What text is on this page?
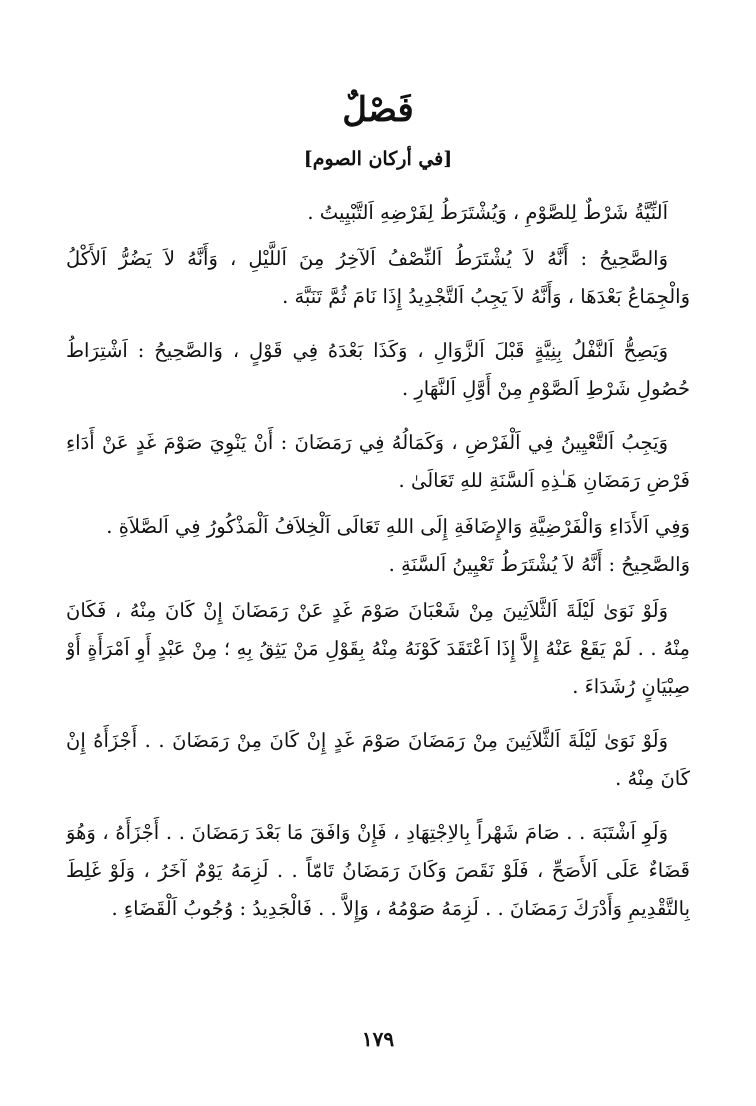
فَصْلٌ
[في أركان الصوم]
اَلنِّيَّةُ شَرْطٌ لِلصَّوْمِ ، وَيُشْتَرَطُ لِفَرْضِهِ اَلتَّبْيِيتُ .
وَالصَّحِيحُ : أَنَّهُ لاَ يُشْتَرَطُ اَلنِّصْفُ اَلآخِرُ مِنَ اَللَّيْلِ ، وَأَنَّهُ لاَ يَضُرُّ اَلأَكْلُ
وَالْجِمَاعُ بَعْدَهَا ، وَأَنَّهُ لاَ يَجِبُ اَلتَّجْدِيدُ إِذَا نَامَ ثُمَّ تَنَبَّهَ .
وَيَصِحُّ اَلنَّفْلُ بِنِيَّةٍ قَبْلَ اَلزَّوَالِ ، وَكَذَا بَعْدَهُ فِي قَوْلٍ ، وَالصَّحِيحُ : اَشْتِرَاطُ
حُصُولِ شَرْطِ اَلصَّوْمِ مِنْ أَوَّلِ اَلنَّهَارِ .
وَيَجِبُ اَلتَّعْيِينُ فِي اَلْفَرْضِ ، وَكَمَالُهُ فِي رَمَضَانَ : أَنْ يَنْوِيَ صَوْمَ غَدٍ عَنْ أَدَاءِ
فَرْضِ رَمَضَانِ هَـٰذِهِ اَلسَّنَةِ للهِ تَعَالَىٰ .
وَفِي اَلأَدَاءِ وَالْفَرْضِيَّةِ وَالإِضَافَةِ إِلَى اللهِ تَعَالَى اَلْخِلاَفُ اَلْمَذْكُورُ فِي اَلصَّلاَةِ .
وَالصَّحِيحُ : أَنَّهُ لاَ يُشْتَرَطُ تَعْيِينُ اَلسَّنَةِ .
وَلَوْ نَوَىٰ لَيْلَةَ اَلثَّلاَثِينَ مِنْ شَعْبَانَ صَوْمَ غَدٍ عَنْ رَمَضَانَ إِنْ كَانَ مِنْهُ ، فَكَانَ
مِنْهُ . . لَمْ يَقَعْ عَنْهُ إِلاَّ إِذَا اَعْتَقَدَ كَوْنَهُ مِنْهُ بِقَوْلِ مَنْ يَثِقُ بِهِ ؛ مِنْ عَبْدٍ أَوِ اَمْرَأَةٍ أَوْ
صِبْيَانٍ رُشَدَاءَ .
وَلَوْ نَوَىٰ لَيْلَةَ اَلثَّلاَثِينَ مِنْ رَمَضَانَ صَوْمَ غَدٍ إِنْ كَانَ مِنْ رَمَضَانَ . . أَجْزَأَهُ إِنْ
كَانَ مِنْهُ .
وَلَوِ اَشْتَبَهَ . . صَامَ شَهْراً بِالاِجْتِهَادِ ، فَإِنْ وَافَقَ مَا بَعْدَ رَمَضَانَ . . أَجْزَأَهُ ، وَهُوَ
قَضَاءٌ عَلَى اَلأَصَحِّ ، فَلَوْ نَقَصَ وَكَانَ رَمَضَانُ تَامّاً . . لَزِمَهُ يَوْمٌ آخَرُ ، وَلَوْ غَلِطَ
بِالتَّقْدِيمِ وَأَدْرَكَ رَمَضَانَ . . لَزِمَهُ صَوْمُهُ ، وَإِلاَّ . . فَالْجَدِيدُ : وُجُوبُ اَلْقَضَاءِ .
١٧٩
